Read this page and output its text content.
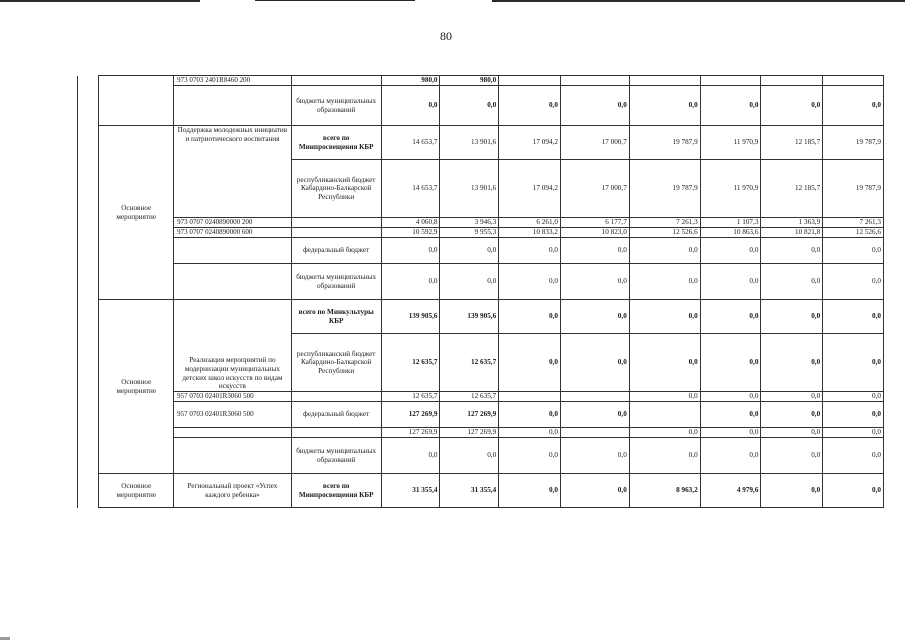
80
		973 0703 2401R8460 200		980,0	980,0						
			бюджеты муниципальных образований	0,0	0,0	0,0	0,0	0,0	0,0	0,0	0,0
	Основное мероприятие	Поддержка молодежных инициатив и патриотического воспитания	всего по Минпросвещения КБР	14 653,7	13 901,6	17 094,2	17 000,7	19 787,9	11 970,9	12 185,7	19 787,9
			республиканский бюджет Кабардино-Балкарской Республики	14 653,7	13 901,6	17 094,2	17 000,7	19 787,9	11 970,9	12 185,7	19 787,9
		973 0707 0240890000 200		4 060,8	3 946,3	6 261,0	6 177,7	7 261,3	1 107,3	1 363,9	7 261,3
		973 0707 0240890000 600		10 592,9	9 955,3	10 833,2	10 823,0	12 526,6	10 863,6	10 821,8	12 526,6
			федеральный бюджет	0,0	0,0	0,0	0,0	0,0	0,0	0,0	0,0
			бюджеты муниципальных образований	0,0	0,0	0,0	0,0	0,0	0,0	0,0	0,0
	Основное мероприятие	Реализация мероприятий по модернизации муниципальных детских школ искусств по видам искусств	всего по Минкультуры КБР	139 905,6	139 905,6	0,0	0,0	0,0	0,0	0,0	0,0
			республиканский бюджет Кабардино-Балкарской Республики	12 635,7	12 635,7	0,0	0,0	0,0	0,0	0,0	0,0
		957 0703 02401R3060 500		12 635,7	12 635,7			0,0	0,0	0,0	0,0
		957 0703 02401R3060 500	федеральный бюджет	127 269,9	127 269,9	0,0	0,0		0,0	0,0	0,0
				127 269,9	127 269,9	0,0		0,0	0,0	0,0	0,0
			бюджеты муниципальных образований	0,0	0,0	0,0	0,0	0,0	0,0	0,0	0,0
	Основное мероприятие	Региональный проект «Успех каждого ребенка»	всего по Минпросвещения КБР	31 355,4	31 355,4	0,0	0,0	8 963,2	4 979,6	0,0	0,0
